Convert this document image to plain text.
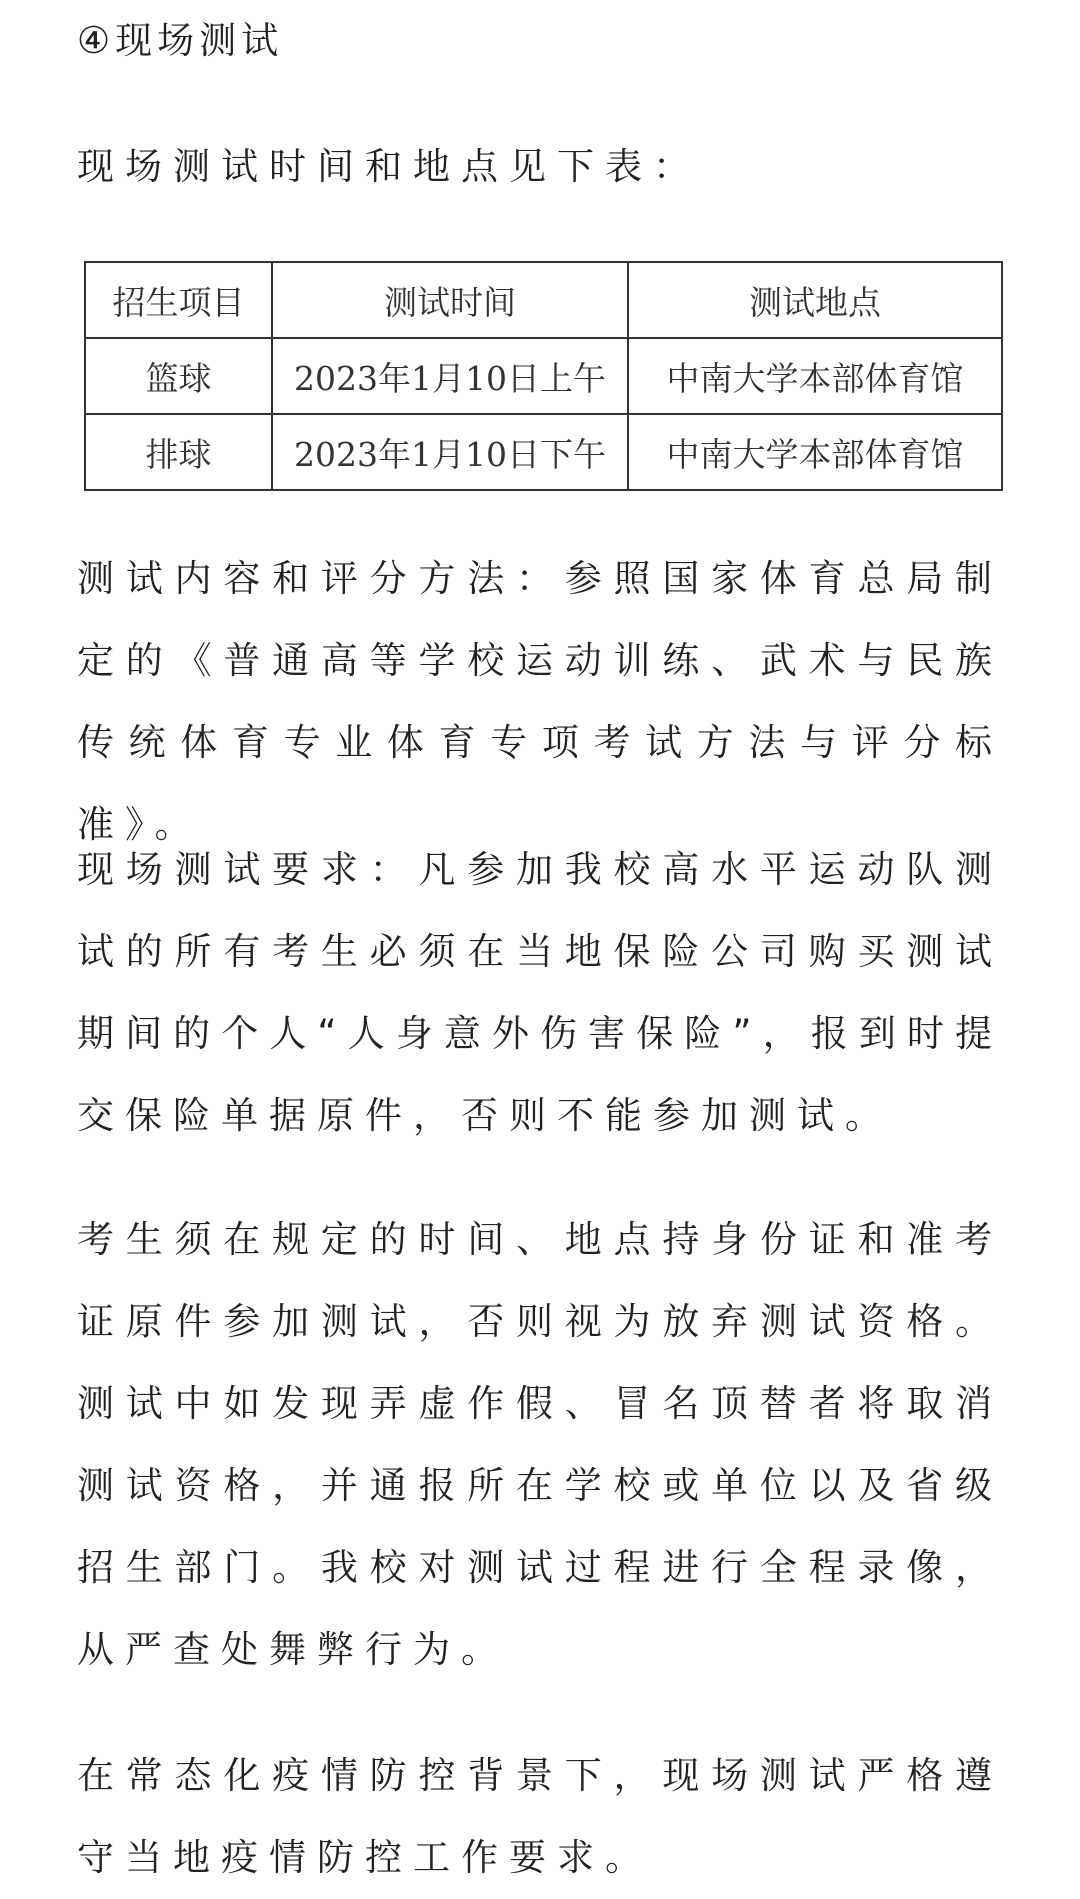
④现场测试
现场测试时间和地点见下表：
招生项目	测试时间	测试地点
篮球	2023年1月10日上午	中南大学本部体育馆
排球	2023年1月10日下午	中南大学本部体育馆
测试内容和评分方法：参照国家体育总局制定的《普通高等学校运动训练、武术与民族传统体育专业体育专项考试方法与评分标准》。
现场测试要求：凡参加我校高水平运动队测试的所有考生必须在当地保险公司购买测试期间的个人“人身意外伤害保险”，报到时提交保险单据原件，否则不能参加测试。
考生须在规定的时间、地点持身份证和准考证原件参加测试，否则视为放弃测试资格。测试中如发现弄虚作假、冒名顶替者将取消测试资格，并通报所在学校或单位以及省级招生部门。我校对测试过程进行全程录像，从严查处舞弊行为。
在常态化疫情防控背景下，现场测试严格遵守当地疫情防控工作要求。
